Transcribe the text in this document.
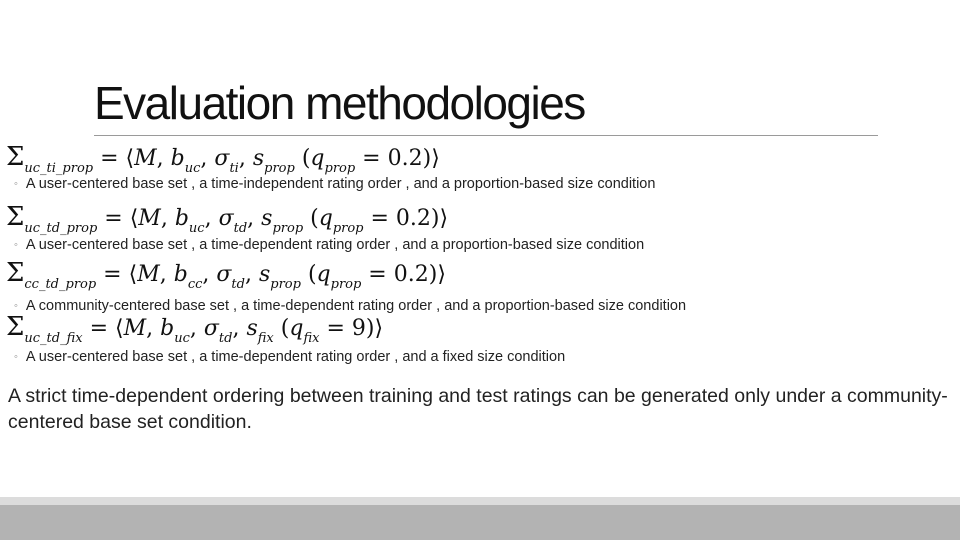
Evaluation methodologies

$\Sigma_{uc\_ti\_prop}$ = ⟨M, $b_{uc}$, $\sigma_{ti}$, $s_{prop}$ ($q_{prop}$ = 0.2)⟩

◦ A user-centered base set , a time-independent rating order , and a proportion-based size condition

$\Sigma_{uc\_td\_prop}$ = ⟨M, $b_{uc}$, $\sigma_{td}$, $s_{prop}$ ($q_{prop}$ = 0.2)⟩

◦ A user-centered base set , a time-dependent rating order , and a proportion-based size condition

$\Sigma_{cc\_td\_prop}$ = ⟨M, $b_{cc}$, $\sigma_{td}$, $s_{prop}$ ($q_{prop}$ = 0.2)⟩

◦ A community-centered base set , a time-dependent rating order , and a proportion-based size condition

$\Sigma_{uc\_td\_fix}$ = ⟨M, $b_{uc}$, $\sigma_{td}$, $s_{fix}$ ($q_{fix}$ = 9)⟩

◦ A user-centered base set , a time-dependent rating order , and a fixed size condition

A strict time-dependent ordering between training and test ratings can be generated only under a community-centered base set condition.
